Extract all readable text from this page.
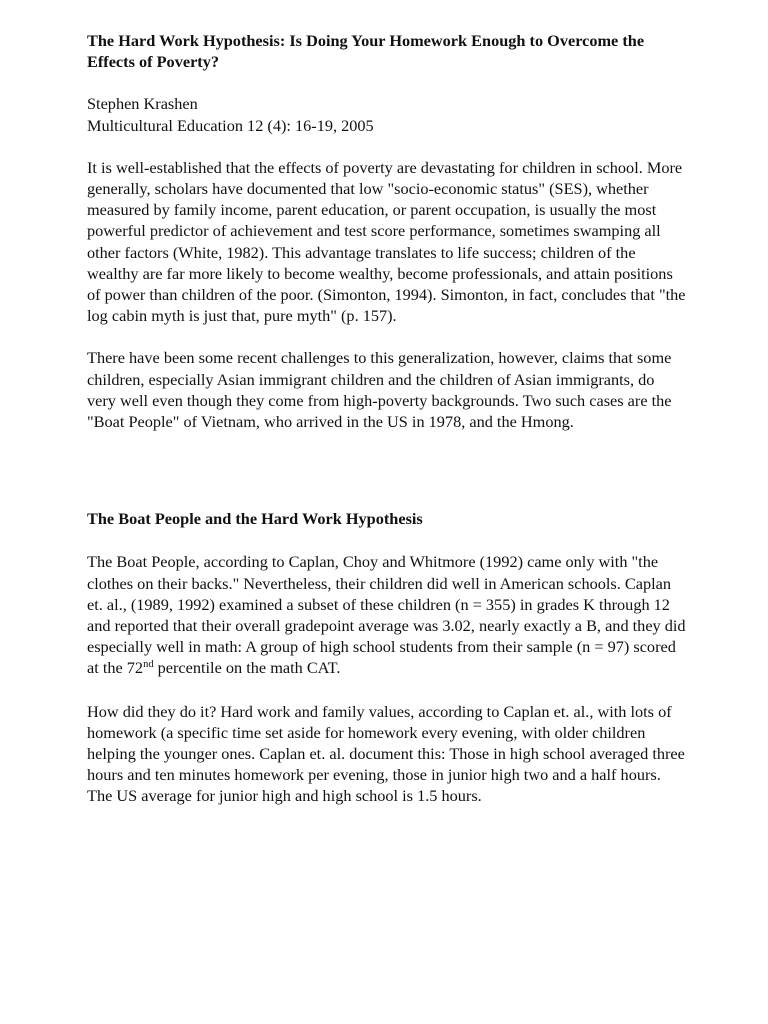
The Hard Work Hypothesis: Is Doing Your Homework Enough to Overcome the Effects of Poverty?

Stephen Krashen
Multicultural Education 12 (4): 16-19, 2005

It is well-established that the effects of poverty are devastating for children in school. More generally, scholars have documented that low "socio-economic status" (SES), whether measured by family income, parent education, or parent occupation, is usually the most powerful predictor of achievement and test score performance, sometimes swamping all other factors (White, 1982). This advantage translates to life success; children of the wealthy are far more likely to become wealthy, become professionals, and attain positions of power than children of the poor. (Simonton, 1994). Simonton, in fact, concludes that "the log cabin myth is just that, pure myth" (p. 157).

There have been some recent challenges to this generalization, however, claims that some children, especially Asian immigrant children and the children of Asian immigrants, do very well even though they come from high-poverty backgrounds. Two such cases are the "Boat People" of Vietnam, who arrived in the US in 1978, and the Hmong.

The Boat People and the Hard Work Hypothesis

The Boat People, according to Caplan, Choy and Whitmore (1992) came only with "the clothes on their backs." Nevertheless, their children did well in American schools. Caplan et. al., (1989, 1992) examined a subset of these children (n = 355) in grades K through 12 and reported that their overall gradepoint average was 3.02, nearly exactly a B, and they did especially well in math: A group of high school students from their sample (n = 97) scored at the 72nd percentile on the math CAT.

How did they do it? Hard work and family values, according to Caplan et. al., with lots of homework (a specific time set aside for homework every evening, with older children helping the younger ones. Caplan et. al. document this: Those in high school averaged three hours and ten minutes homework per evening, those in junior high two and a half hours. The US average for junior high and high school is 1.5 hours.
